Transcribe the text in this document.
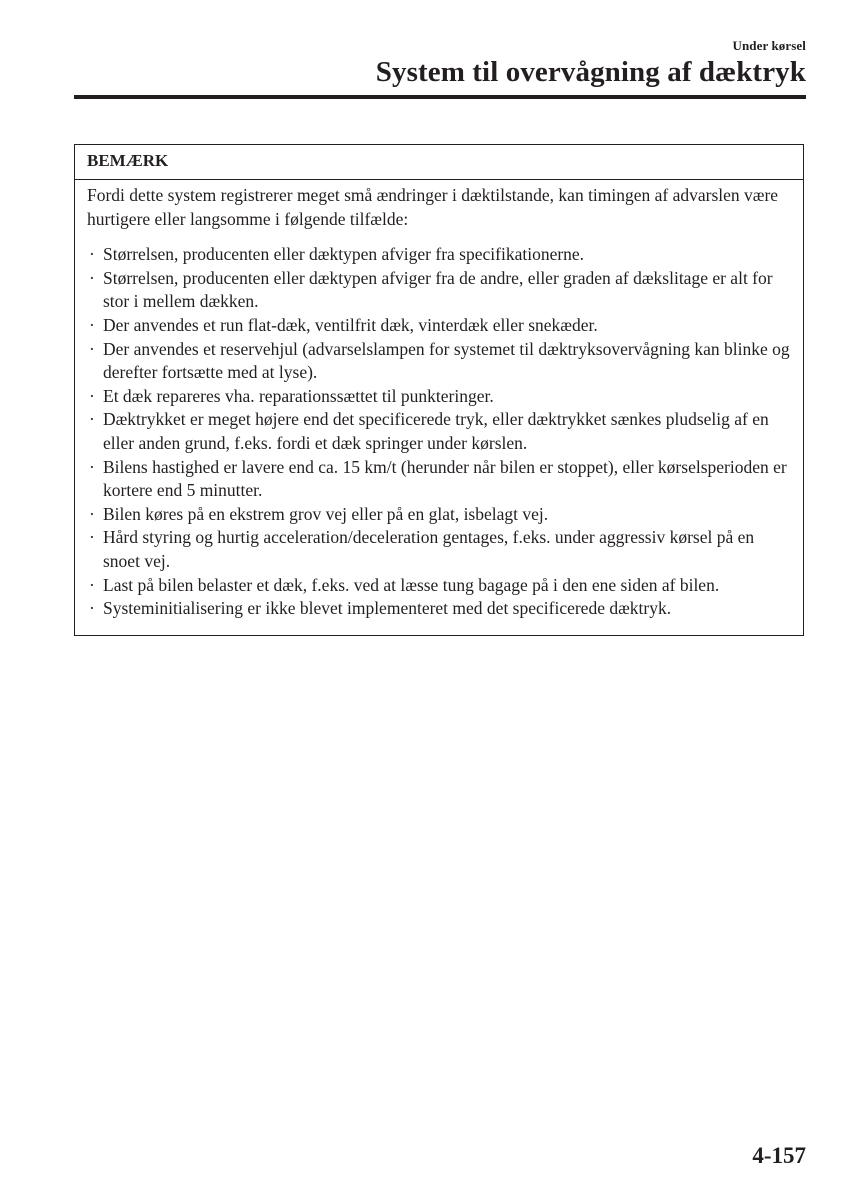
Under kørsel
System til overvågning af dæktryk
BEMÆRK

Fordi dette system registrerer meget små ændringer i dæktilstande, kan timingen af advarslen være hurtigere eller langsomme i følgende tilfælde:

· Størrelsen, producenten eller dæktypen afviger fra specifikationerne.
· Størrelsen, producenten eller dæktypen afviger fra de andre, eller graden af dækslitage er alt for stor i mellem dækken.
· Der anvendes et run flat-dæk, ventilfrit dæk, vinterdæk eller snekæder.
· Der anvendes et reservehjul (advarselslampen for systemet til dæktryksovervågning kan blinke og derefter fortsætte med at lyse).
· Et dæk repareres vha. reparationssættet til punkteringer.
· Dæktrykket er meget højere end det specificerede tryk, eller dæktrykket sænkes pludselig af en eller anden grund, f.eks. fordi et dæk springer under kørslen.
· Bilens hastighed er lavere end ca. 15 km/t (herunder når bilen er stoppet), eller kørselsperioden er kortere end 5 minutter.
· Bilen køres på en ekstrem grov vej eller på en glat, isbelagt vej.
· Hård styring og hurtig acceleration/deceleration gentages, f.eks. under aggressiv kørsel på en snoet vej.
· Last på bilen belaster et dæk, f.eks. ved at læsse tung bagage på i den ene siden af bilen.
· Systeminitialisering er ikke blevet implementeret med det specificerede dæktryk.
4-157
